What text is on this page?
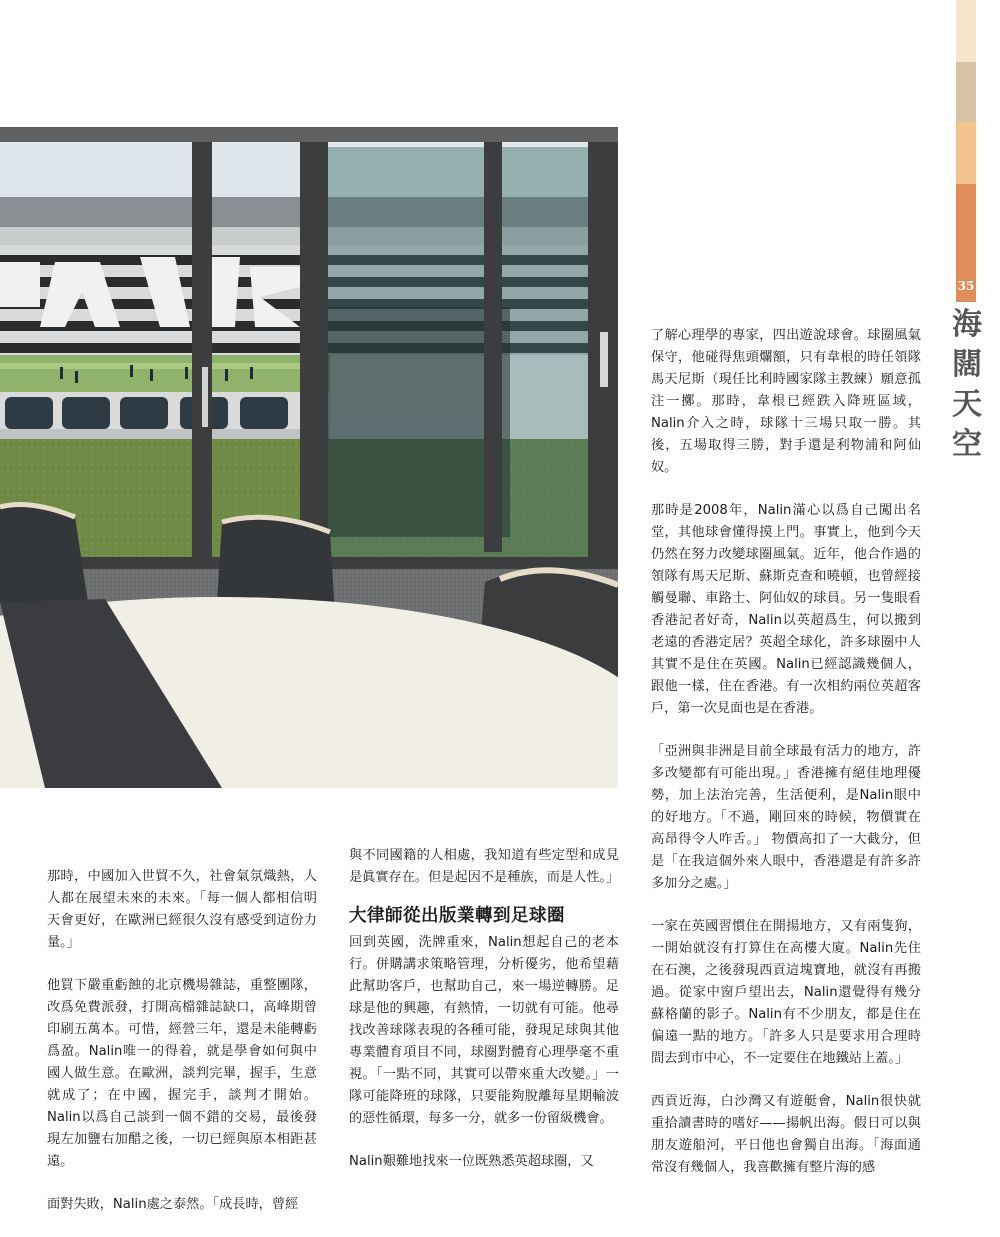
35
海
闊
天
空

那時，中國加入世貿不久，社會氣氛熾熱，人人都在展望未來的未來。「每一個人都相信明天會更好，在歐洲已經很久沒有感受到這份力量。」

他買下嚴重虧蝕的北京機場雜誌，重整團隊，改爲免費派發，打開高檔雜誌缺口，高峰期曾印刷五萬本。可惜，經營三年，還是未能轉虧爲盈。Nalin唯一的得着，就是學會如何與中國人做生意。在歐洲，談判完畢，握手，生意就成了；在中國，握完手，談判才開始。Nalin以爲自己談到一個不錯的交易，最後發現左加鹽右加醋之後，一切已經與原本相距甚遠。

面對失敗，Nalin處之泰然。「成長時，曾經

與不同國籍的人相處，我知道有些定型和成見是眞實存在。但是起因不是種族，而是人性。」

大律師從出版業轉到足球圈

回到英國，洗牌重來，Nalin想起自己的老本行。併購講求策略管理，分析優劣，他希望藉此幫助客戶，也幫助自己，來一場逆轉勝。足球是他的興趣，有熱情，一切就有可能。他尋找改善球隊表現的各種可能，發現足球與其他專業體育項目不同，球圈對體育心理學毫不重視。「一點不同，其實可以帶來重大改變。」一隊可能降班的球隊，只要能夠脫離每星期輸波的惡性循環，每多一分，就多一份留級機會。

Nalin艱難地找來一位既熟悉英超球圈，又

了解心理學的專家，四出遊說球會。球圈風氣保守，他碰得焦頭爛額，只有韋根的時任領隊馬天尼斯（現任比利時國家隊主教練）願意孤注一擲。那時，韋根已經跌入降班區域，Nalin介入之時，球隊十三場只取一勝。其後，五場取得三勝，對手還是利物浦和阿仙奴。

那時是2008年，Nalin滿心以爲自己闖出名堂，其他球會懂得摸上門。事實上，他到今天仍然在努力改變球圈風氣。近年，他合作過的領隊有馬天尼斯、蘇斯克查和曉頓，也曾經接觸曼聯、車路士、阿仙奴的球員。另一隻眼看香港記者好奇，Nalin以英超爲生，何以搬到老遠的香港定居？英超全球化，許多球圈中人其實不是住在英國。Nalin已經認識幾個人，跟他一樣，住在香港。有一次相約兩位英超客戶，第一次見面也是在香港。

「亞洲與非洲是目前全球最有活力的地方，許多改變都有可能出現。」香港擁有絕佳地理優勢，加上法治完善，生活便利，是Nalin眼中的好地方。「不過，剛回來的時候，物價實在高昂得令人咋舌。」 物價高扣了一大截分，但是「在我這個外來人眼中，香港還是有許多許多加分之處。」

一家在英國習慣住在開揚地方，又有兩隻狗，一開始就沒有打算住在高樓大廈。Nalin先住在石澳，之後發現西貢這塊寶地，就沒有再搬過。從家中窗戶望出去，Nalin還覺得有幾分蘇格蘭的影子。Nalin有不少朋友，都是住在偏遠一點的地方。「許多人只是要求用合理時間去到市中心，不一定要住在地鐵站上蓋。」

西貢近海，白沙灣又有遊艇會，Nalin很快就重拾讀書時的嗜好——揚帆出海。假日可以與朋友遊船河，平日他也會獨自出海。「海面通常沒有幾個人，我喜歡擁有整片海的感
